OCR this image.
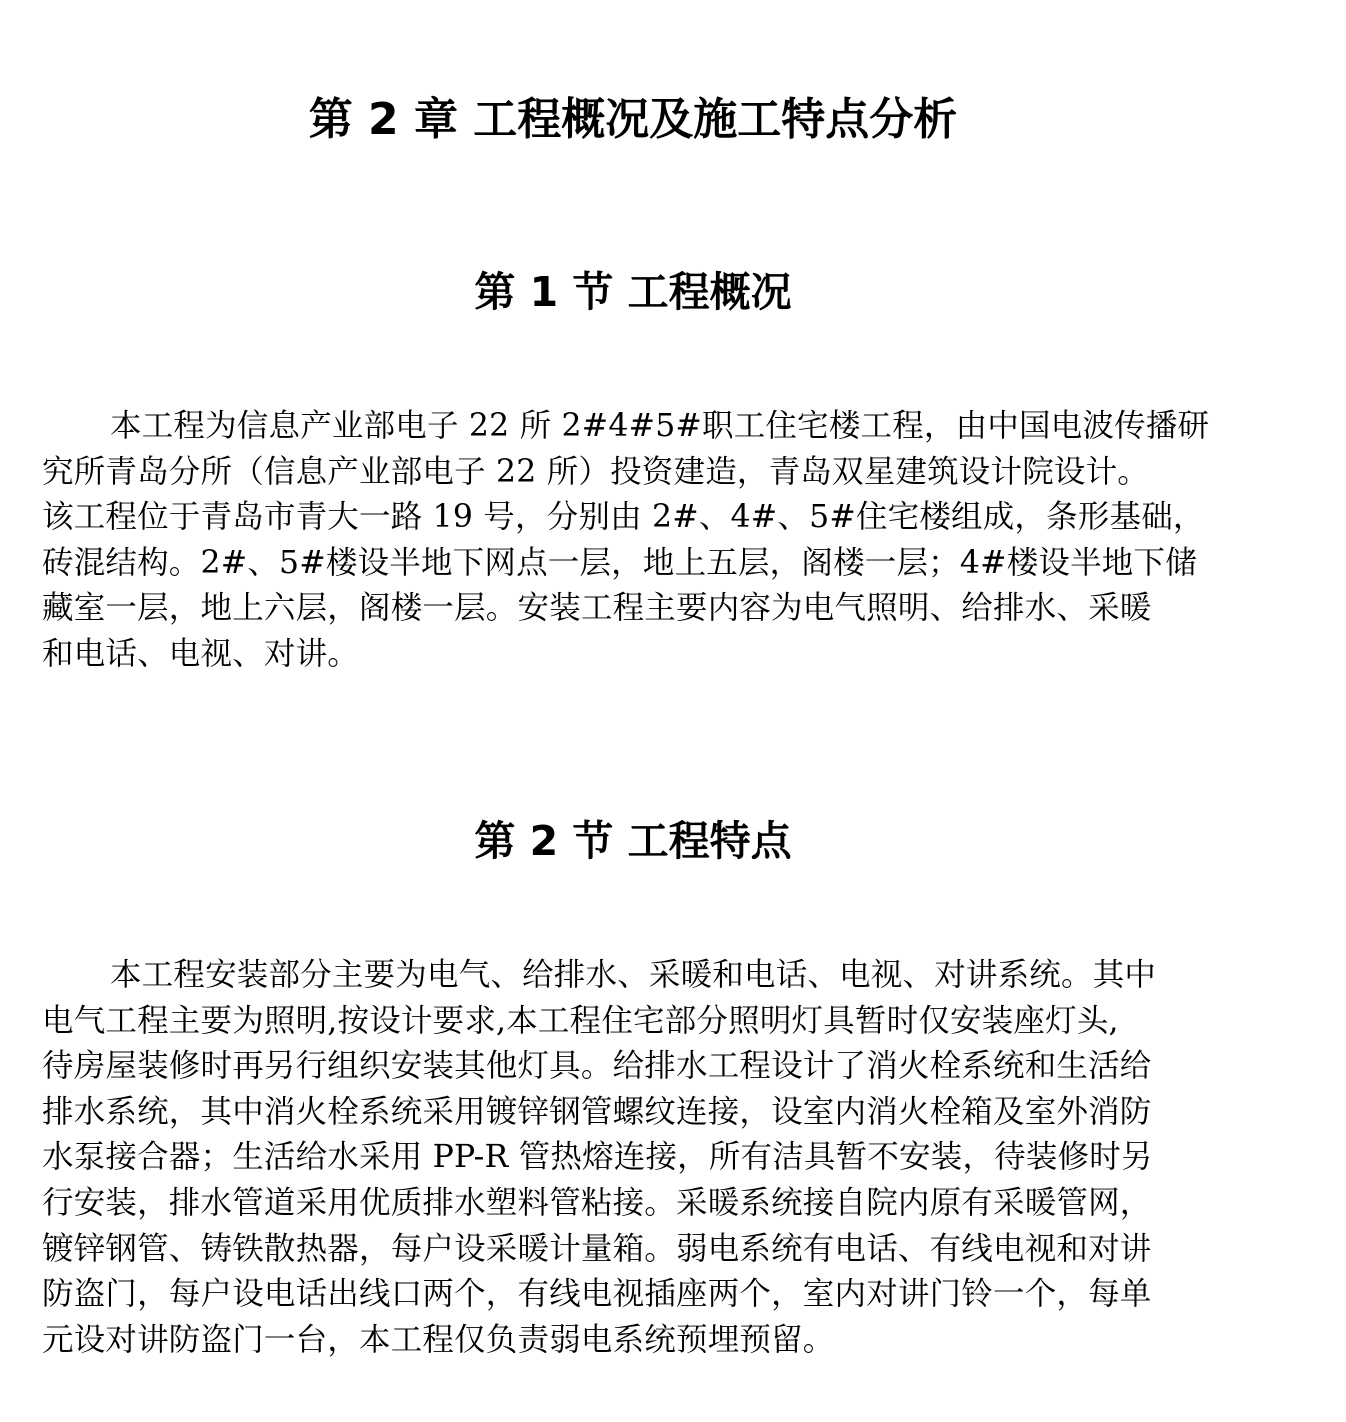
第 2 章 工程概况及施工特点分析
第 1 节 工程概况
本工程为信息产业部电子 22 所 2#4#5#职工住宅楼工程，由中国电波传播研
究所青岛分所（信息产业部电子 22 所）投资建造，青岛双星建筑设计院设计。
该工程位于青岛市青大一路 19 号，分别由 2#、4#、5#住宅楼组成，条形基础，
砖混结构。2#、5#楼设半地下网点一层，地上五层，阁楼一层；4#楼设半地下储
藏室一层，地上六层，阁楼一层。安装工程主要内容为电气照明、给排水、采暖
和电话、电视、对讲。
第 2 节 工程特点
本工程安装部分主要为电气、给排水、采暖和电话、电视、对讲系统。其中
电气工程主要为照明,按设计要求,本工程住宅部分照明灯具暂时仅安装座灯头,
待房屋装修时再另行组织安装其他灯具。给排水工程设计了消火栓系统和生活给
排水系统，其中消火栓系统采用镀锌钢管螺纹连接，设室内消火栓箱及室外消防
水泵接合器；生活给水采用 PP-R 管热熔连接，所有洁具暂不安装，待装修时另
行安装，排水管道采用优质排水塑料管粘接。采暖系统接自院内原有采暖管网，
镀锌钢管、铸铁散热器，每户设采暖计量箱。弱电系统有电话、有线电视和对讲
防盗门，每户设电话出线口两个，有线电视插座两个，室内对讲门铃一个，每单
元设对讲防盗门一台，本工程仅负责弱电系统预埋预留。
